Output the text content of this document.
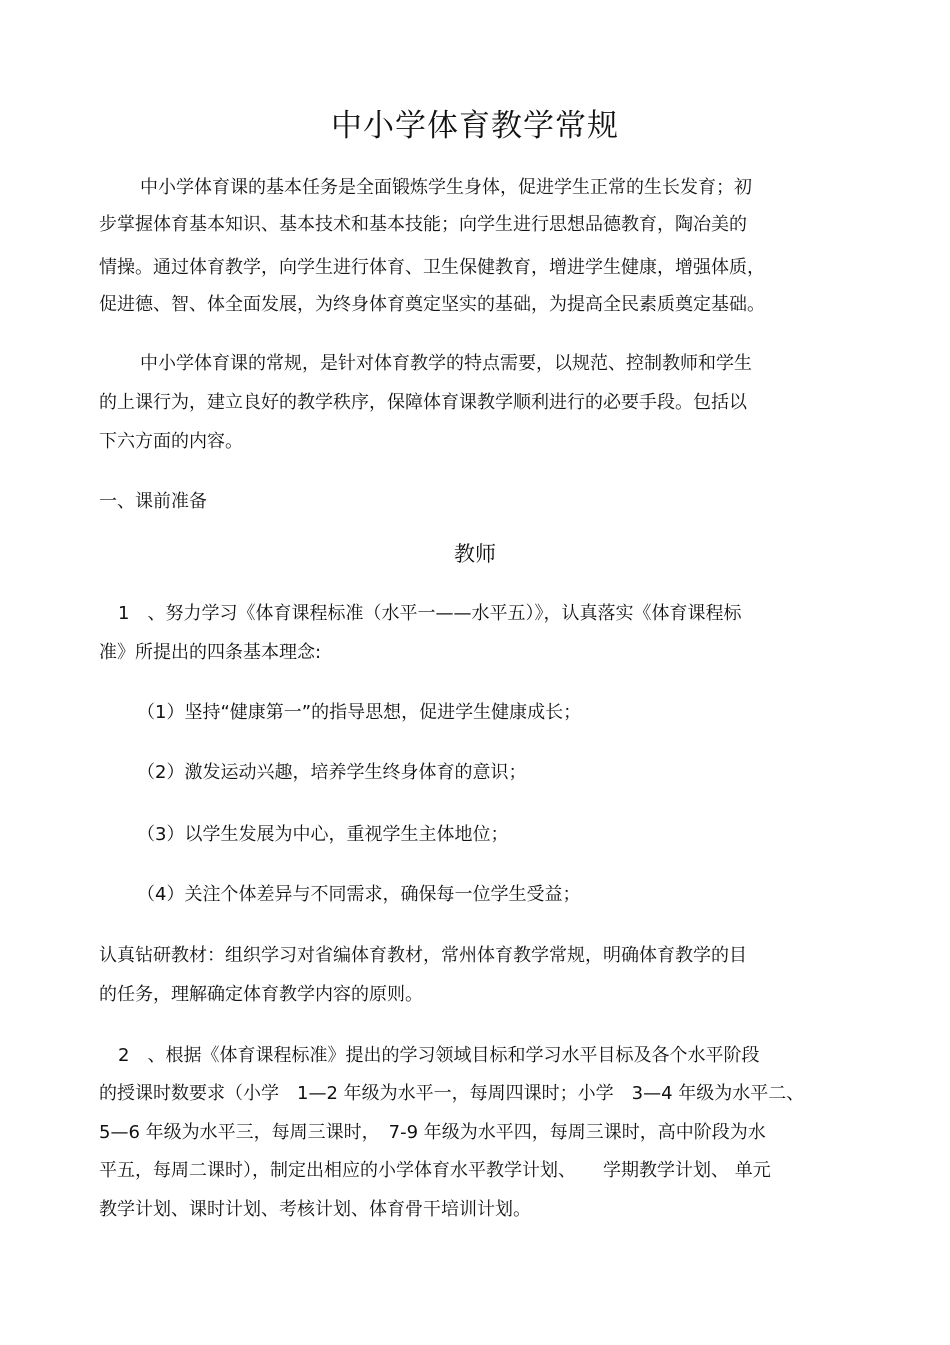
中小学体育教学常规
中小学体育课的基本任务是全面锻炼学生身体，促进学生正常的生长发育；初
步掌握体育基本知识、基本技术和基本技能；向学生进行思想品德教育，陶冶美的
情操。通过体育教学，向学生进行体育、卫生保健教育，增进学生健康，增强体质，
促进德、智、体全面发展，为终身体育奠定坚实的基础，为提高全民素质奠定基础。
中小学体育课的常规，是针对体育教学的特点需要，以规范、控制教师和学生
的上课行为，建立良好的教学秩序，保障体育课教学顺利进行的必要手段。包括以
下六方面的内容。
一、课前准备
教师
1　、努力学习《体育课程标准（水平一——水平五）》，认真落实《体育课程标
准》所提出的四条基本理念:
（1）坚持“健康第一”的指导思想，促进学生健康成长；
（2）激发运动兴趣，培养学生终身体育的意识；
（3）以学生发展为中心，重视学生主体地位；
（4）关注个体差异与不同需求，确保每一位学生受益；
认真钻研教材：组织学习对省编体育教材，常州体育教学常规，明确体育教学的目
的任务，理解确定体育教学内容的原则。
2　、根据《体育课程标准》提出的学习领域目标和学习水平目标及各个水平阶段
的授课时数要求（小学　1—2 年级为水平一，每周四课时；小学　3—4 年级为水平二、
5—6 年级为水平三，每周三课时，　7-9 年级为水平四，每周三课时，高中阶段为水
平五，每周二课时），制定出相应的小学体育水平教学计划、　　学期教学计划、 单元
教学计划、课时计划、考核计划、体育骨干培训计划。
